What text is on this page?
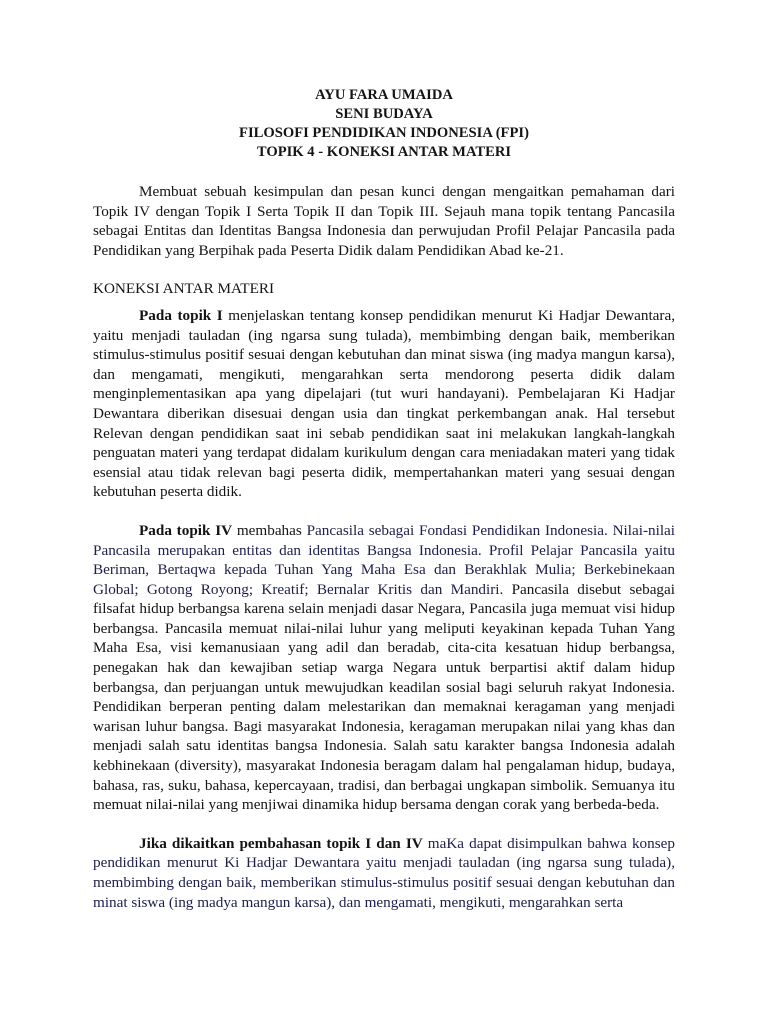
AYU FARA UMAIDA
SENI BUDAYA
FILOSOFI PENDIDIKAN INDONESIA (FPI)
TOPIK 4 - KONEKSI ANTAR MATERI

Membuat sebuah kesimpulan dan pesan kunci dengan mengaitkan pemahaman dari Topik IV dengan Topik I Serta Topik II dan Topik III. Sejauh mana topik tentang Pancasila sebagai Entitas dan Identitas Bangsa Indonesia dan perwujudan Profil Pelajar Pancasila pada Pendidikan yang Berpihak pada Peserta Didik dalam Pendidikan Abad ke-21.

KONEKSI ANTAR MATERI

Pada topik I menjelaskan tentang konsep pendidikan menurut Ki Hadjar Dewantara, yaitu menjadi tauladan (ing ngarsa sung tulada), membimbing dengan baik, memberikan stimulus-stimulus positif sesuai dengan kebutuhan dan minat siswa (ing madya mangun karsa), dan mengamati, mengikuti, mengarahkan serta mendorong peserta didik dalam menginplementasikan apa yang dipelajari (tut wuri handayani). Pembelajaran Ki Hadjar Dewantara diberikan disesuai dengan usia dan tingkat perkembangan anak. Hal tersebut Relevan dengan pendidikan saat ini sebab pendidikan saat ini melakukan langkah-langkah penguatan materi yang terdapat didalam kurikulum dengan cara meniadakan materi yang tidak esensial atau tidak relevan bagi peserta didik, mempertahankan materi yang sesuai dengan kebutuhan peserta didik.

Pada topik IV membahas Pancasila sebagai Fondasi Pendidikan Indonesia. Nilai-nilai Pancasila merupakan entitas dan identitas Bangsa Indonesia. Profil Pelajar Pancasila yaitu Beriman, Bertaqwa kepada Tuhan Yang Maha Esa dan Berakhlak Mulia; Berkebinekaan Global; Gotong Royong; Kreatif; Bernalar Kritis dan Mandiri. Pancasila disebut sebagai filsafat hidup berbangsa karena selain menjadi dasar Negara, Pancasila juga memuat visi hidup berbangsa. Pancasila memuat nilai-nilai luhur yang meliputi keyakinan kepada Tuhan Yang Maha Esa, visi kemanusiaan yang adil dan beradab, cita-cita kesatuan hidup berbangsa, penegakan hak dan kewajiban setiap warga Negara untuk berpartisi aktif dalam hidup berbangsa, dan perjuangan untuk mewujudkan keadilan sosial bagi seluruh rakyat Indonesia. Pendidikan berperan penting dalam melestarikan dan memaknai keragaman yang menjadi warisan luhur bangsa. Bagi masyarakat Indonesia, keragaman merupakan nilai yang khas dan menjadi salah satu identitas bangsa Indonesia. Salah satu karakter bangsa Indonesia adalah kebhinekaan (diversity), masyarakat Indonesia beragam dalam hal pengalaman hidup, budaya, bahasa, ras, suku, bahasa, kepercayaan, tradisi, dan berbagai ungkapan simbolik. Semuanya itu memuat nilai-nilai yang menjiwai dinamika hidup bersama dengan corak yang berbeda-beda.

Jika dikaitkan pembahasan topik I dan IV maKa dapat disimpulkan bahwa konsep pendidikan menurut Ki Hadjar Dewantara yaitu menjadi tauladan (ing ngarsa sung tulada), membimbing dengan baik, memberikan stimulus-stimulus positif sesuai dengan kebutuhan dan minat siswa (ing madya mangun karsa), dan mengamati, mengikuti, mengarahkan serta
